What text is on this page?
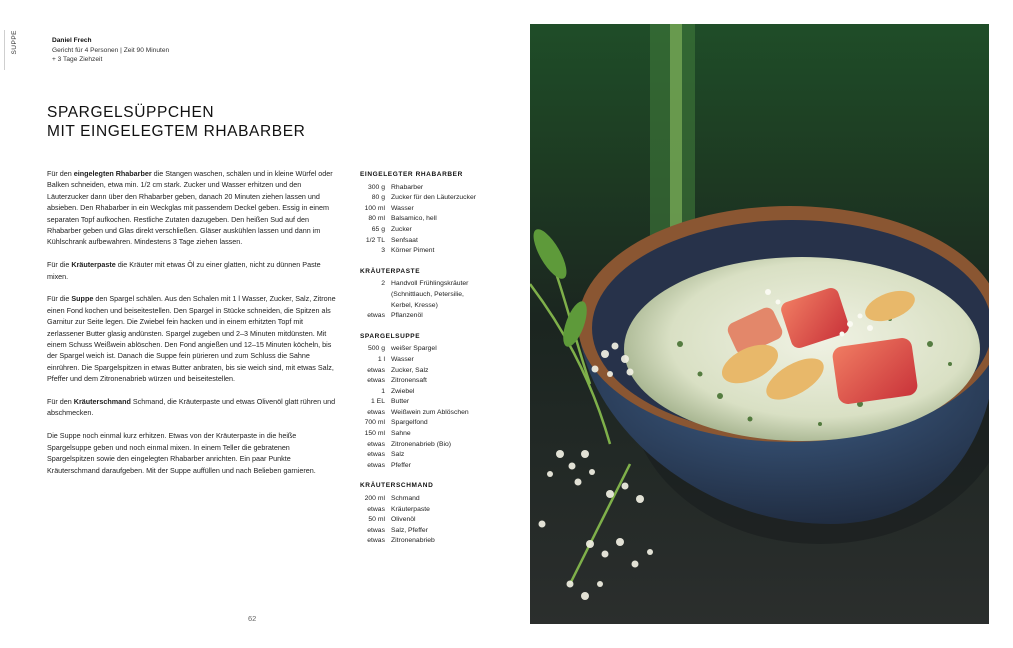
SUPPE	Daniel Frech
Gericht für 4 Personen | Zeit 90 Minuten
+ 3 Tage Ziehzeit
SPARGELSÜPPCHEN
MIT EINGELEGTEM RHABARBER

Für den eingelegten Rhabarber die Stangen waschen, schälen und in kleine Würfel oder Balken schneiden, etwa min. 1/2 cm stark. Zucker und Wasser erhitzen und den Läuterzucker dann über den Rhabarber geben, danach 20 Minuten ziehen lassen und absieben. Den Rhabarber in ein Weckglas mit passendem Deckel geben. Essig in einem separaten Topf aufkochen. Restliche Zutaten dazugeben. Den heißen Sud auf den Rhabarber geben und Glas direkt verschließen. Gläser auskühlen lassen und dann im Kühlschrank aufbewahren. Mindestens 3 Tage ziehen lassen.

Für die Kräuterpaste die Kräuter mit etwas Öl zu einer glatten, nicht zu dünnen Paste mixen.

Für die Suppe den Spargel schälen. Aus den Schalen mit 1 l Wasser, Zucker, Salz, Zitrone einen Fond kochen und beiseitestellen. Den Spargel in Stücke schneiden, die Spitzen als Garnitur zur Seite legen. Die Zwiebel fein hacken und in einem erhitzten Topf mit zerlassener Butter glasig andünsten. Spargel zugeben und 2–3 Minuten mitdünsten. Mit einem Schuss Weißwein ablöschen. Den Fond angießen und 12–15 Minuten köcheln, bis der Spargel weich ist. Danach die Suppe fein pürieren und zum Schluss die Sahne einrühren. Die Spargelspitzen in etwas Butter anbraten, bis sie weich sind, mit etwas Salz, Pfeffer und dem Zitronenabrieb würzen und beiseitestellen.

Für den Kräuterschmand Schmand, die Kräuterpaste und etwas Olivenöl glatt rühren und abschmecken.

Die Suppe noch einmal kurz erhitzen. Etwas von der Kräuterpaste in die heiße Spargelsuppe geben und noch einmal mixen. In einem Teller die gebratenen Spargelspitzen sowie den eingelegten Rhabarber anrichten. Ein paar Punkte Kräuterschmand daraufgeben. Mit der Suppe auffüllen und nach Belieben garnieren.

EINGELEGTER RHABARBER
300 g Rhabarber
80 g Zucker für den Läuterzucker
100 ml Wasser
80 ml Balsamico, hell
65 g Zucker
1/2 TL Senfsaat
3 Körner Piment
KRÄUTERPASTE
2 Handvoll Frühlingskräuter (Schnittlauch, Petersilie, Kerbel, Kresse)
etwas Pflanzenöl
SPARGELSUPPE
500 g weißer Spargel
1 l Wasser
etwas Zucker, Salz
etwas Zitronensaft
1 Zwiebel
1 EL Butter
etwas Weißwein zum Ablöschen
700 ml Spargelfond
150 ml Sahne
etwas Zitronenabrieb (Bio)
etwas Salz
etwas Pfeffer
KRÄUTERSCHMAND
200 ml Schmand
etwas Kräuterpaste
50 ml Olivenöl
etwas Salz, Pfeffer
etwas Zitronenabrieb
62
